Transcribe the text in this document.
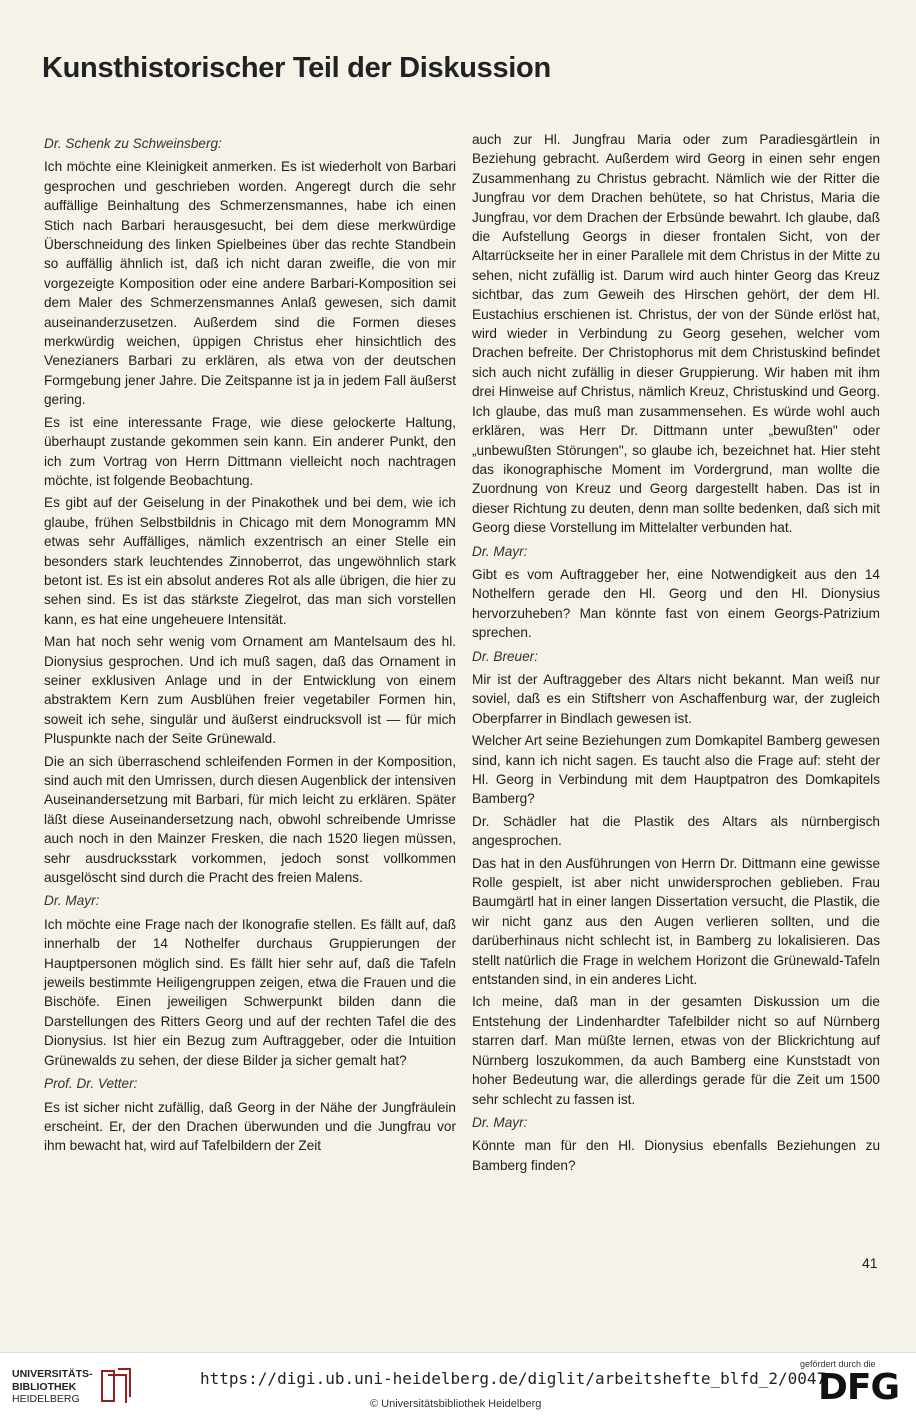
Kunsthistorischer Teil der Diskussion

Dr. Schenk zu Schweinsberg:

Ich möchte eine Kleinigkeit anmerken. Es ist wiederholt von Barbari gesprochen und geschrieben worden. Angeregt durch die sehr auffällige Beinhaltung des Schmerzensmannes, habe ich einen Stich nach Barbari herausgesucht, bei dem diese merkwürdige Überschneidung des linken Spielbeines über das rechte Standbein so auffällig ähnlich ist, daß ich nicht daran zweifle, die von mir vorgezeigte Komposition oder eine andere Barbari-Komposition sei dem Maler des Schmerzensmannes Anlaß gewesen, sich damit auseinanderzusetzen. Außerdem sind die Formen dieses merkwürdig weichen, üppigen Christus eher hinsichtlich des Venezianers Barbari zu erklären, als etwa von der deutschen Formgebung jener Jahre. Die Zeitspanne ist ja in jedem Fall äußerst gering.

Es ist eine interessante Frage, wie diese gelockerte Haltung, überhaupt zustande gekommen sein kann. Ein anderer Punkt, den ich zum Vortrag von Herrn Dittmann vielleicht noch nachtragen möchte, ist folgende Beobachtung.

Es gibt auf der Geiselung in der Pinakothek und bei dem, wie ich glaube, frühen Selbstbildnis in Chicago mit dem Monogramm MN etwas sehr Auffälliges, nämlich exzentrisch an einer Stelle ein besonders stark leuchtendes Zinnoberrot, das ungewöhnlich stark betont ist. Es ist ein absolut anderes Rot als alle übrigen, die hier zu sehen sind. Es ist das stärkste Ziegelrot, das man sich vorstellen kann, es hat eine ungeheuere Intensität.

Man hat noch sehr wenig vom Ornament am Mantelsaum des hl. Dionysius gesprochen. Und ich muß sagen, daß das Ornament in seiner exklusiven Anlage und in der Entwicklung von einem abstraktem Kern zum Ausblühen freier vegetabiler Formen hin, soweit ich sehe, singulär und äußerst eindrucksvoll ist — für mich Pluspunkte nach der Seite Grünewald.

Die an sich überraschend schleifenden Formen in der Komposition, sind auch mit den Umrissen, durch diesen Augenblick der intensiven Auseinandersetzung mit Barbari, für mich leicht zu erklären. Später läßt diese Auseinandersetzung nach, obwohl schreibende Umrisse auch noch in den Mainzer Fresken, die nach 1520 liegen müssen, sehr ausdrucksstark vorkommen, jedoch sonst vollkommen ausgelöscht sind durch die Pracht des freien Malens.

Dr. Mayr:

Ich möchte eine Frage nach der Ikonografie stellen. Es fällt auf, daß innerhalb der 14 Nothelfer durchaus Gruppierungen der Hauptpersonen möglich sind. Es fällt hier sehr auf, daß die Tafeln jeweils bestimmte Heiligengruppen zeigen, etwa die Frauen und die Bischöfe. Einen jeweiligen Schwerpunkt bilden dann die Darstellungen des Ritters Georg und auf der rechten Tafel die des Dionysius. Ist hier ein Bezug zum Auftraggeber, oder die Intuition Grünewalds zu sehen, der diese Bilder ja sicher gemalt hat?

Prof. Dr. Vetter:

Es ist sicher nicht zufällig, daß Georg in der Nähe der Jungfräulein erscheint. Er, der den Drachen überwunden und die Jungfrau vor ihm bewacht hat, wird auf Tafelbildern der Zeit

auch zur Hl. Jungfrau Maria oder zum Paradiesgärtlein in Beziehung gebracht. Außerdem wird Georg in einen sehr engen Zusammenhang zu Christus gebracht. Nämlich wie der Ritter die Jungfrau vor dem Drachen behütete, so hat Christus, Maria die Jungfrau, vor dem Drachen der Erbsünde bewahrt. Ich glaube, daß die Aufstellung Georgs in dieser frontalen Sicht, von der Altarrückseite her in einer Parallele mit dem Christus in der Mitte zu sehen, nicht zufällig ist. Darum wird auch hinter Georg das Kreuz sichtbar, das zum Geweih des Hirschen gehört, der dem Hl. Eustachius erschienen ist. Christus, der von der Sünde erlöst hat, wird wieder in Verbindung zu Georg gesehen, welcher vom Drachen befreite. Der Christophorus mit dem Christuskind befindet sich auch nicht zufällig in dieser Gruppierung. Wir haben mit ihm drei Hinweise auf Christus, nämlich Kreuz, Christuskind und Georg. Ich glaube, das muß man zusammensehen. Es würde wohl auch erklären, was Herr Dr. Dittmann unter „bewußten" oder „unbewußten Störungen", so glaube ich, bezeichnet hat. Hier steht das ikonographische Moment im Vordergrund, man wollte die Zuordnung von Kreuz und Georg dargestellt haben. Das ist in dieser Richtung zu deuten, denn man sollte bedenken, daß sich mit Georg diese Vorstellung im Mittelalter verbunden hat.

Dr. Mayr:

Gibt es vom Auftraggeber her, eine Notwendigkeit aus den 14 Nothelfern gerade den Hl. Georg und den Hl. Dionysius hervorzuheben? Man könnte fast von einem Georgs-Patrizium sprechen.

Dr. Breuer:

Mir ist der Auftraggeber des Altars nicht bekannt. Man weiß nur soviel, daß es ein Stiftsherr von Aschaffenburg war, der zugleich Oberpfarrer in Bindlach gewesen ist.

Welcher Art seine Beziehungen zum Domkapitel Bamberg gewesen sind, kann ich nicht sagen. Es taucht also die Frage auf: steht der Hl. Georg in Verbindung mit dem Hauptpatron des Domkapitels Bamberg?

Dr. Schädler hat die Plastik des Altars als nürnbergisch angesprochen.

Das hat in den Ausführungen von Herrn Dr. Dittmann eine gewisse Rolle gespielt, ist aber nicht unwidersprochen geblieben. Frau Baumgärtl hat in einer langen Dissertation versucht, die Plastik, die wir nicht ganz aus den Augen verlieren sollten, und die darüberhinaus nicht schlecht ist, in Bamberg zu lokalisieren. Das stellt natürlich die Frage in welchem Horizont die Grünewald-Tafeln entstanden sind, in ein anderes Licht.

Ich meine, daß man in der gesamten Diskussion um die Entstehung der Lindenhardter Tafelbilder nicht so auf Nürnberg starren darf. Man müßte lernen, etwas von der Blickrichtung auf Nürnberg loszukommen, da auch Bamberg eine Kunststadt von hoher Bedeutung war, die allerdings gerade für die Zeit um 1500 sehr schlecht zu fassen ist.

Dr. Mayr:

Könnte man für den Hl. Dionysius ebenfalls Beziehungen zu Bamberg finden?

41
UNIVERSITÄTS-
BIBLIOTHEK
HEIDELBERG
https://digi.ub.uni-heidelberg.de/diglit/arbeitshefte_blfd_2/0047
© Universitätsbibliothek Heidelberg
gefördert durch die
DFG
